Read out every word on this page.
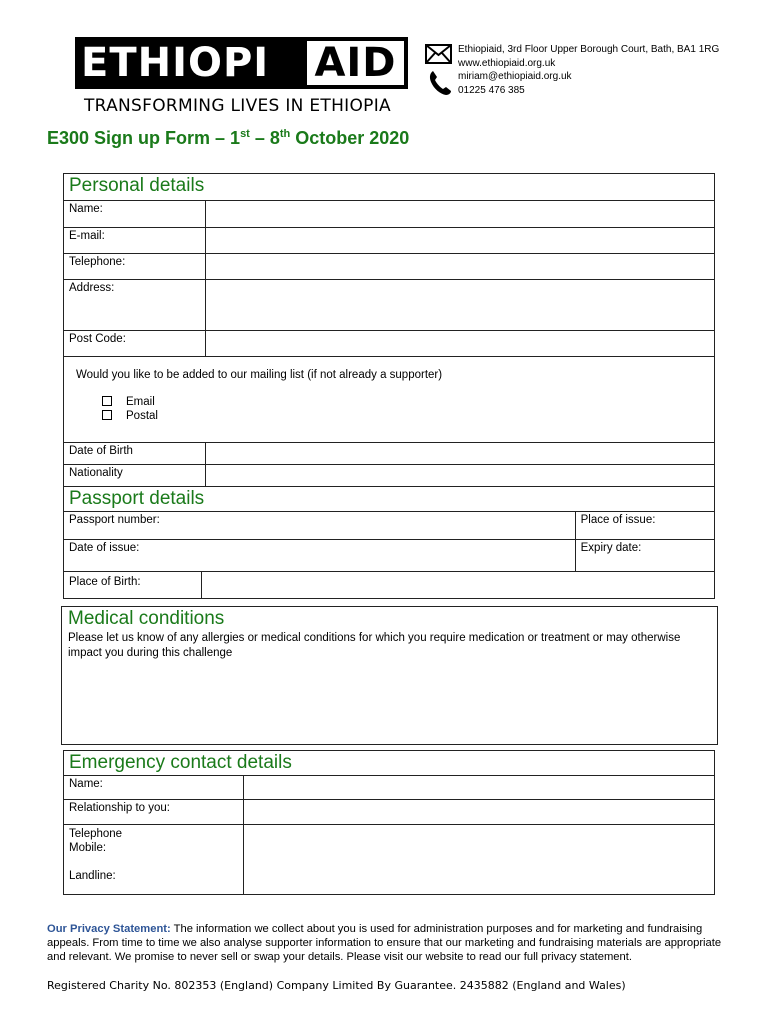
ETHIOPI	AID
TRANSFORMING LIVES IN ETHIOPIA
Ethiopiaid, 3rd Floor Upper Borough Court, Bath, BA1 1RG
www.ethiopiaid.org.uk
miriam@ethiopiaid.org.uk
01225 476 385
E300 Sign up Form – 1st – 8th October 2020
Personal details	
Name:	
E-mail:	
Telephone:	
Address:	
Post Code:	

Would you like to be added to our mailing list (if not already a supporter)
Email
Postal	

Date of Birth	
Nationality	
Passport details		
Passport number:		Place of issue:
Date of issue:		Expiry date:
Place of Birth:		
Medical conditions
Please let us know of any allergies or medical conditions for which you require medication or treatment or may otherwise impact you during this challenge
Emergency contact details	
Name:	
Relationship to you:	

Telephone
Mobile:
Landline:	

Our Privacy Statement: The information we collect about you is used for administration purposes and for marketing and fundraising appeals. From time to time we also analyse supporter information to ensure that our marketing and fundraising materials are appropriate and relevant. We promise to never sell or swap your details. Please visit our website to read our full privacy statement.
Registered Charity No. 802353 (England) Company Limited By Guarantee. 2435882 (England and Wales)
